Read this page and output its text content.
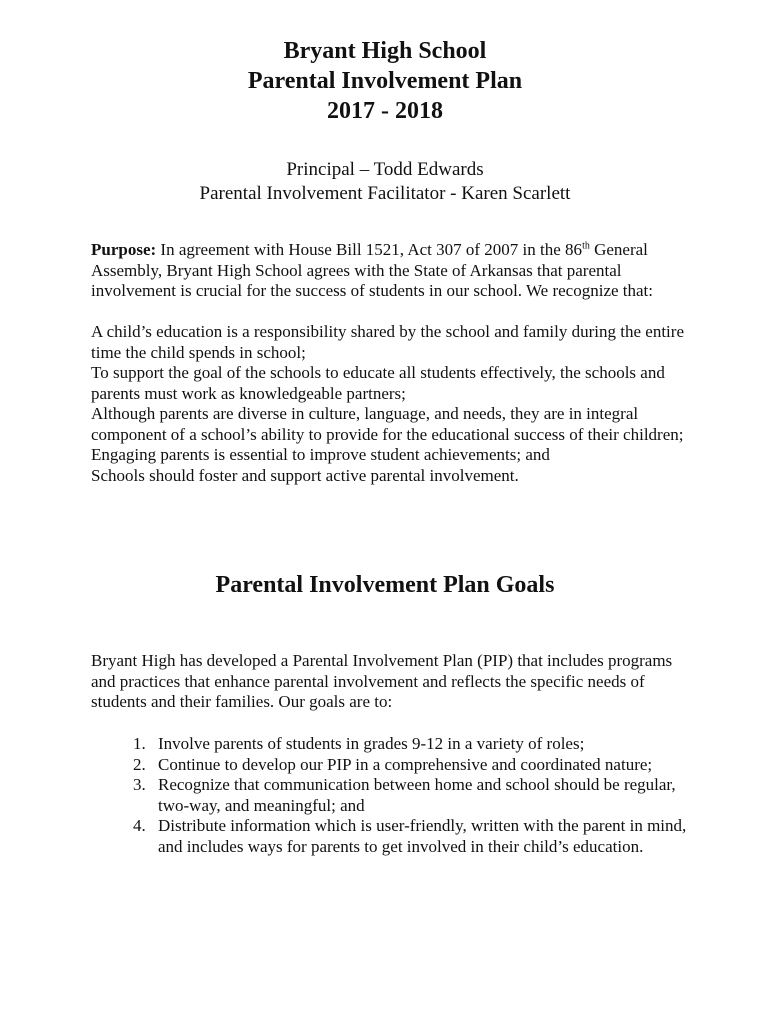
Bryant High School
Parental Involvement Plan
2017 - 2018
Principal – Todd Edwards
Parental Involvement Facilitator - Karen Scarlett
Purpose: In agreement with House Bill 1521, Act 307 of 2007 in the 86th General Assembly, Bryant High School agrees with the State of Arkansas that parental involvement is crucial for the success of students in our school. We recognize that:

A child’s education is a responsibility shared by the school and family during the entire time the child spends in school;

To support the goal of the schools to educate all students effectively, the schools and parents must work as knowledgeable partners;

Although parents are diverse in culture, language, and needs, they are in integral component of a school’s ability to provide for the educational success of their children;

Engaging parents is essential to improve student achievements; and

Schools should foster and support active parental involvement.

Parental Involvement Plan Goals

Bryant High has developed a Parental Involvement Plan (PIP) that includes programs and practices that enhance parental involvement and reflects the specific needs of students and their families. Our goals are to:

1. Involve parents of students in grades 9-12 in a variety of roles;
2. Continue to develop our PIP in a comprehensive and coordinated nature;
3. Recognize that communication between home and school should be regular, two-way, and meaningful; and
4. Distribute information which is user-friendly, written with the parent in mind, and includes ways for parents to get involved in their child’s education.
